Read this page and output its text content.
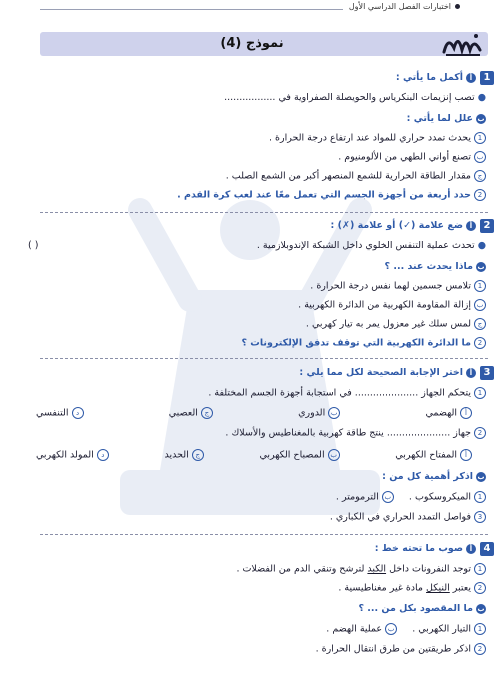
اختبارات الفصل الدراسي الأول
نموذج (4)
1
أأكمل ما يأتي :
●تصب إنزيمات البنكرياس والحويصلة الصفراوية في .................
بعلل لما يأتي :
1يحدث تمدد حراري للمواد عند ارتفاع درجة الحرارة .
بتصنع أواني الطهي من الألومنيوم .
جمقدار الطاقة الحرارية للشمع المنصهر أكبر من الشمع الصلب .
2حدد أربعة من أجهزة الجسم التي تعمل معًا عند لعب كرة القدم .
2
أضع علامة (✓) أو علامة (✗) :
●تحدث عملية التنفس الخلوي داخل الشبكة الإندوبلازمية .
( )
بماذا يحدث عند ... ؟
1تلامس جسمين لهما نفس درجة الحرارة .
بإزالة المقاومة الكهربية من الدائرة الكهربية .
جلمس سلك غير معزول يمر به تيار كهربي .
2ما الدائرة الكهربية التي توقف تدفق الإلكترونات ؟
3
أاختر الإجابة الصحيحة لكل مما يلي :
1يتحكم الجهاز ..................... في استجابة أجهزة الجسم المختلفة .
أالهضمي
بالدوري
جالعصبي
دالتنفسي
2جهاز ..................... ينتج طاقة كهربية بالمغناطيس والأسلاك .
أالمفتاح الكهربي
بالمصباح الكهربي
جالحديد
دالمولد الكهربي
باذكر أهمية كل من :
1الميكروسكوب .     بالترمومتر .
3فواصل التمدد الحراري في الكباري .
4
أصوب ما تحته خط :
1توجد النفرونات داخل الكبد لترشح وتنقي الدم من الفضلات .
2يعتبر النيكل مادة غير مغناطيسية .
بما المقصود بكل من ... ؟
1التيار الكهربي .     بعملية الهضم .
2اذكر طريقتين من طرق انتقال الحرارة .
